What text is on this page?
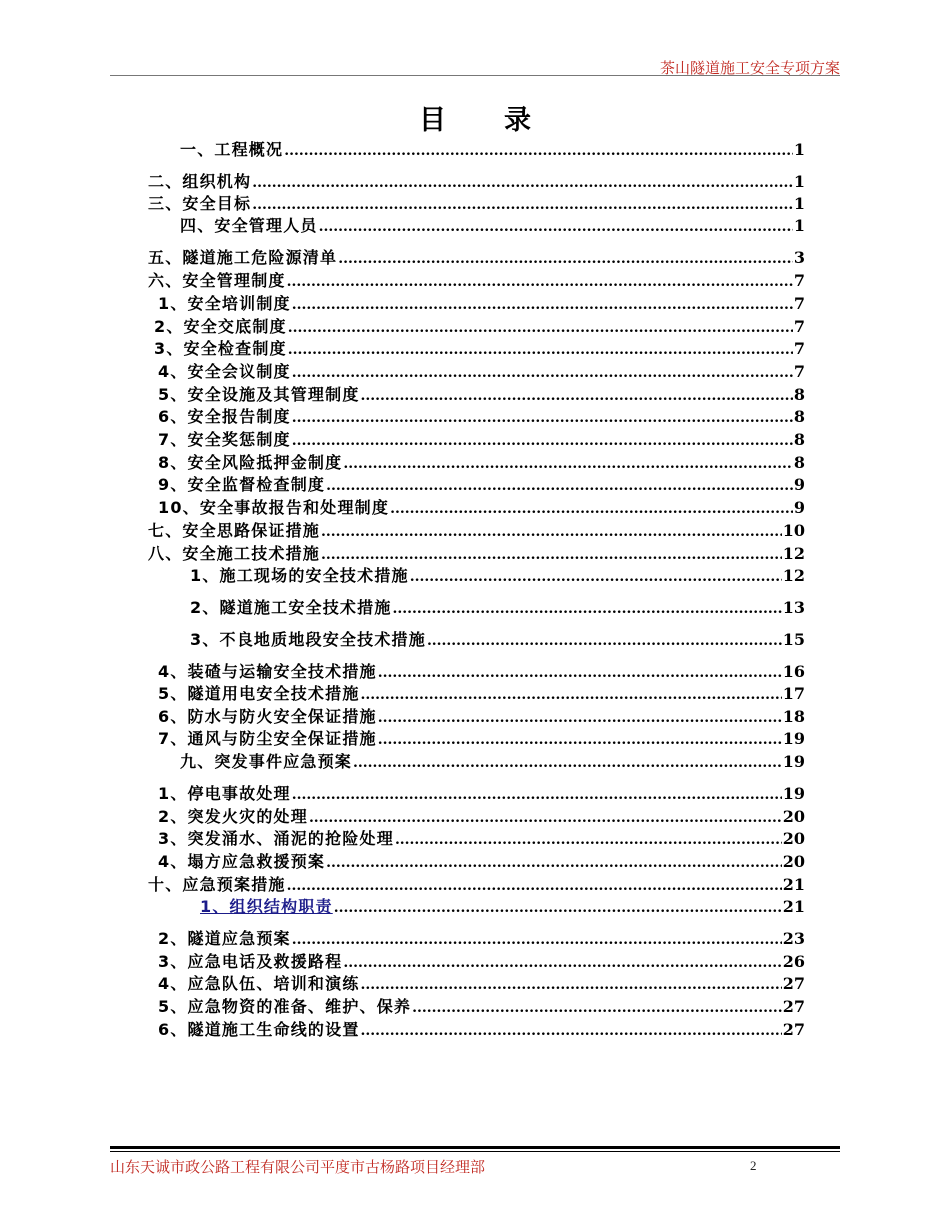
茶山隧道施工安全专项方案
目 录
一、工程概况 .....	1
二、组织机构 .....	1
三、安全目标 .....	1
四、安全管理人员 .....	1
五、隧道施工危险源清单 .....	3
六、安全管理制度 .....	7
1、安全培训制度 .....	7
2、安全交底制度 .....	7
3、安全检查制度 .....	7
4、安全会议制度 .....	7
5、安全设施及其管理制度 .....	8
6、安全报告制度 .....	8
7、安全奖惩制度 .....	8
8、安全风险抵押金制度 .....	8
9、安全监督检查制度 .....	9
10、安全事故报告和处理制度 .....	9
七、安全思路保证措施 .....	10
八、安全施工技术措施 .....	12
1、施工现场的安全技术措施 .....	12
2、隧道施工安全技术措施 .....	13
3、不良地质地段安全技术措施 .....	15
4、装碴与运输安全技术措施 .....	16
5、隧道用电安全技术措施 .....	17
6、防水与防火安全保证措施 .....	18
7、通风与防尘安全保证措施 .....	19
九、突发事件应急预案 .....	19
1、停电事故处理 .....	19
2、突发火灾的处理 .....	20
3、突发涌水、涌泥的抢险处理 .....	20
4、塌方应急救援预案 .....	20
十、应急预案措施 .....	21
1、组织结构职责 .....	21
2、隧道应急预案 .....	23
3、应急电话及救援路程 .....	26
4、应急队伍、培训和演练 .....	27
5、应急物资的准备、维护、保养 .....	27
6、隧道施工生命线的设置 .....	27
山东天诚市政公路工程有限公司平度市古杨路项目经理部	2
